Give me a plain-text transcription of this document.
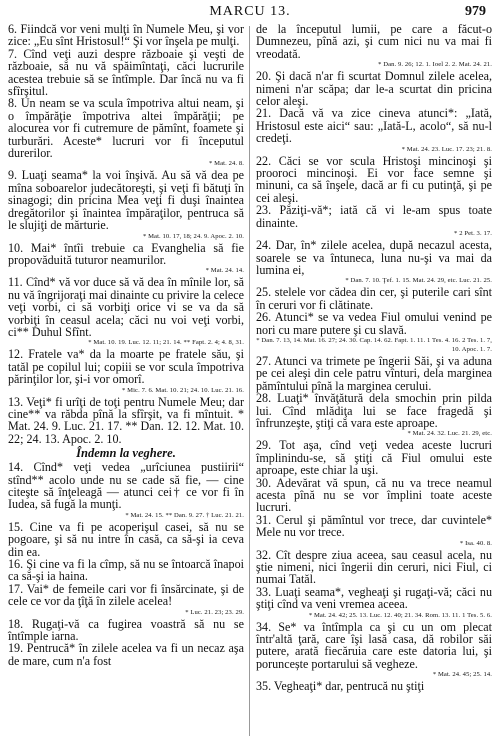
MARCU 13.	979

6. Fiindcă vor veni mulţi în Numele Meu, şi vor zice: „Eu sînt Hristosul!“ Şi vor înşela pe mulţi.

7. Cînd veţi auzi despre războaie şi veşti de războaie, să nu vă spăimîntaţi, căci lucrurile acestea trebuie să se întîmple. Dar încă nu va fi sfîrşitul.

8. Un neam se va scula împotriva altui neam, şi o împărăţie împotriva altei împărăţii; pe alocurea vor fi cutremure de pămînt, foamete şi turburări. Aceste* lucruri vor fi începutul durerilor.

* Mat. 24. 8.

9. Luaţi seama* la voi înşivă. Au să vă dea pe mîna soboarelor judecătoreşti, şi veţi fi bătuţi în sinagogi; din pricina Mea veţi fi duşi înaintea dregătorilor şi înaintea împăraţilor, pentruca să le slujiţi de mărturie.

* Mat. 10. 17, 18; 24. 9. Apoc. 2. 10.

10. Mai* întîi trebuie ca Evanghelia să fie propovăduită tuturor neamurilor.

* Mat. 24. 14.

11. Cînd* vă vor duce să vă dea în mînile lor, să nu vă îngrijoraţi mai dinainte cu privire la celece veţi vorbi, ci să vorbiţi orice vi se va da să vorbiţi în ceasul acela; căci nu voi veţi vorbi, ci** Duhul Sfînt.

* Mat. 10. 19. Luc. 12. 11; 21. 14. ** Fapt. 2. 4; 4. 8, 31.

12. Fratele va* da la moarte pe fratele său, şi tatăl pe copilul lui; copiii se vor scula împotriva părinţilor lor, şi-i vor omorî.

* Mic. 7. 6. Mat. 10. 21; 24. 10. Luc. 21. 16.

13. Veţi* fi urîţi de toţi pentru Numele Meu; dar cine** va răbda pînă la sfîrşit, va fi mîntuit. * Mat. 24. 9. Luc. 21. 17. ** Dan. 12. 12. Mat. 10. 22; 24. 13. Apoc. 2. 10.

Îndemn la veghere.

14. Cînd* veţi vedea „urîciunea pustiirii“ stînd** acolo unde nu se cade să fie, — cine citeşte să înţeleagă — atunci cei† ce vor fi în Iudea, să fugă la munţi.

* Mat. 24. 15. ** Dan. 9. 27. † Luc. 21. 21.

15. Cine va fi pe acoperişul casei, să nu se pogoare, şi să nu intre în casă, ca să-şi ia ceva din ea.

16. Şi cine va fi la cîmp, să nu se întoarcă înapoi ca să-şi ia haina.

17. Vai* de femeile cari vor fi însărcinate, şi de cele ce vor da ţîţă în zilele acelea!

* Luc. 21. 23; 23. 29.

18. Rugaţi-vă ca fugirea voastră să nu se întîmple iarna.

19. Pentrucă* în zilele acelea va fi un necaz aşa de mare, cum n'a fost

de la începutul lumii, pe care a făcut-o Dumnezeu, pînă azi, şi cum nici nu va mai fi vreodată.

* Dan. 9. 26; 12. 1. Ioel 2. 2. Mat. 24. 21.

20. Şi dacă n'ar fi scurtat Domnul zilele acelea, nimeni n'ar scăpa; dar le-a scurtat din pricina celor aleşi.

21. Dacă vă va zice cineva atunci*: „Iată, Hristosul este aici“ sau: „Iată-L, acolo“, să nu-l credeţi.

* Mat. 24. 23. Luc. 17. 23; 21. 8.

22. Căci se vor scula Hristoşi mincinoşi şi prooroci mincinoşi. Ei vor face semne şi minuni, ca să înşele, dacă ar fi cu putinţă, şi pe cei aleşi.

23. Păziţi-vă*; iată că vi le-am spus toate dinainte.

* 2 Pet. 3. 17.

24. Dar, în* zilele acelea, după necazul acesta, soarele se va întuneca, luna nu-şi va mai da lumina ei,

* Dan. 7. 10. Ţef. 1. 15. Mat. 24. 29, etc. Luc. 21. 25.

25. stelele vor cădea din cer, şi puterile cari sînt în ceruri vor fi clătinate.

26. Atunci* se va vedea Fiul omului venind pe nori cu mare putere şi cu slavă.

* Dan. 7. 13, 14. Mat. 16. 27; 24. 30. Cap. 14. 62. Fapt. 1. 11. 1 Tes. 4. 16. 2 Tes. 1. 7, 10. Apoc. 1. 7.

27. Atunci va trimete pe îngerii Săi, şi va aduna pe cei aleşi din cele patru vînturi, dela marginea pămîntului pînă la marginea cerului.

28. Luaţi* învăţătură dela smochin prin pilda lui. Cînd mlădiţa lui se face fragedă şi înfrunzeşte, ştiţi că vara este aproape.

* Mat. 24. 32. Luc. 21. 29, etc.

29. Tot aşa, cînd veţi vedea aceste lucruri împlinindu-se, să ştiţi că Fiul omului este aproape, este chiar la uşi.

30. Adevărat vă spun, că nu va trece neamul acesta pînă nu se vor împlini toate aceste lucruri.

31. Cerul şi pămîntul vor trece, dar cuvintele* Mele nu vor trece.

* Isa. 40. 8.

32. Cît despre ziua aceea, sau ceasul acela, nu ştie nimeni, nici îngerii din ceruri, nici Fiul, ci numai Tatăl.

33. Luaţi seama*, vegheaţi şi rugaţi-vă; căci nu ştiţi cînd va veni vremea aceea.

* Mat. 24. 42; 25. 13. Luc. 12. 40; 21. 34. Rom. 13. 11. 1 Tes. 5. 6.

34. Se* va întîmpla ca şi cu un om plecat într'altă ţară, care îşi lasă casa, dă robilor săi putere, arată fiecăruia care este datoria lui, şi poruncește portarului să vegheze.

* Mat. 24. 45; 25. 14.

35. Vegheaţi* dar, pentrucă nu ştiţi
